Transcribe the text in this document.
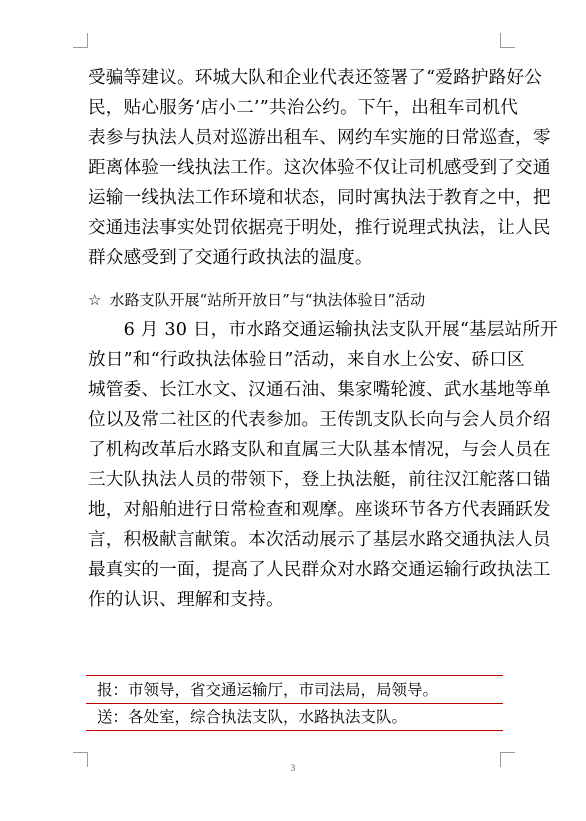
受骗等建议。环城大队和企业代表还签署了“爱路护路好公
民，贴心服务‘店小二’”共治公约。下午，出租车司机代
表参与执法人员对巡游出租车、网约车实施的日常巡查，零
距离体验一线执法工作。这次体验不仅让司机感受到了交通
运输一线执法工作环境和状态，同时寓执法于教育之中，把
交通违法事实处罚依据亮于明处，推行说理式执法，让人民
群众感受到了交通行政执法的温度。
☆ 水路支队开展“站所开放日”与“执法体验日”活动
　　6 月 30 日，市水路交通运输执法支队开展“基层站所开
放日”和“行政执法体验日”活动，来自水上公安、硚口区
城管委、长江水文、汉通石油、集家嘴轮渡、武水基地等单
位以及常二社区的代表参加。王传凯支队长向与会人员介绍
了机构改革后水路支队和直属三大队基本情况，与会人员在
三大队执法人员的带领下，登上执法艇，前往汉江舵落口锚
地，对船舶进行日常检查和观摩。座谈环节各方代表踊跃发
言，积极献言献策。本次活动展示了基层水路交通执法人员
最真实的一面，提高了人民群众对水路交通运输行政执法工
作的认识、理解和支持。
报：市领导，省交通运输厅，市司法局，局领导。
送：各处室，综合执法支队，水路执法支队。
3
